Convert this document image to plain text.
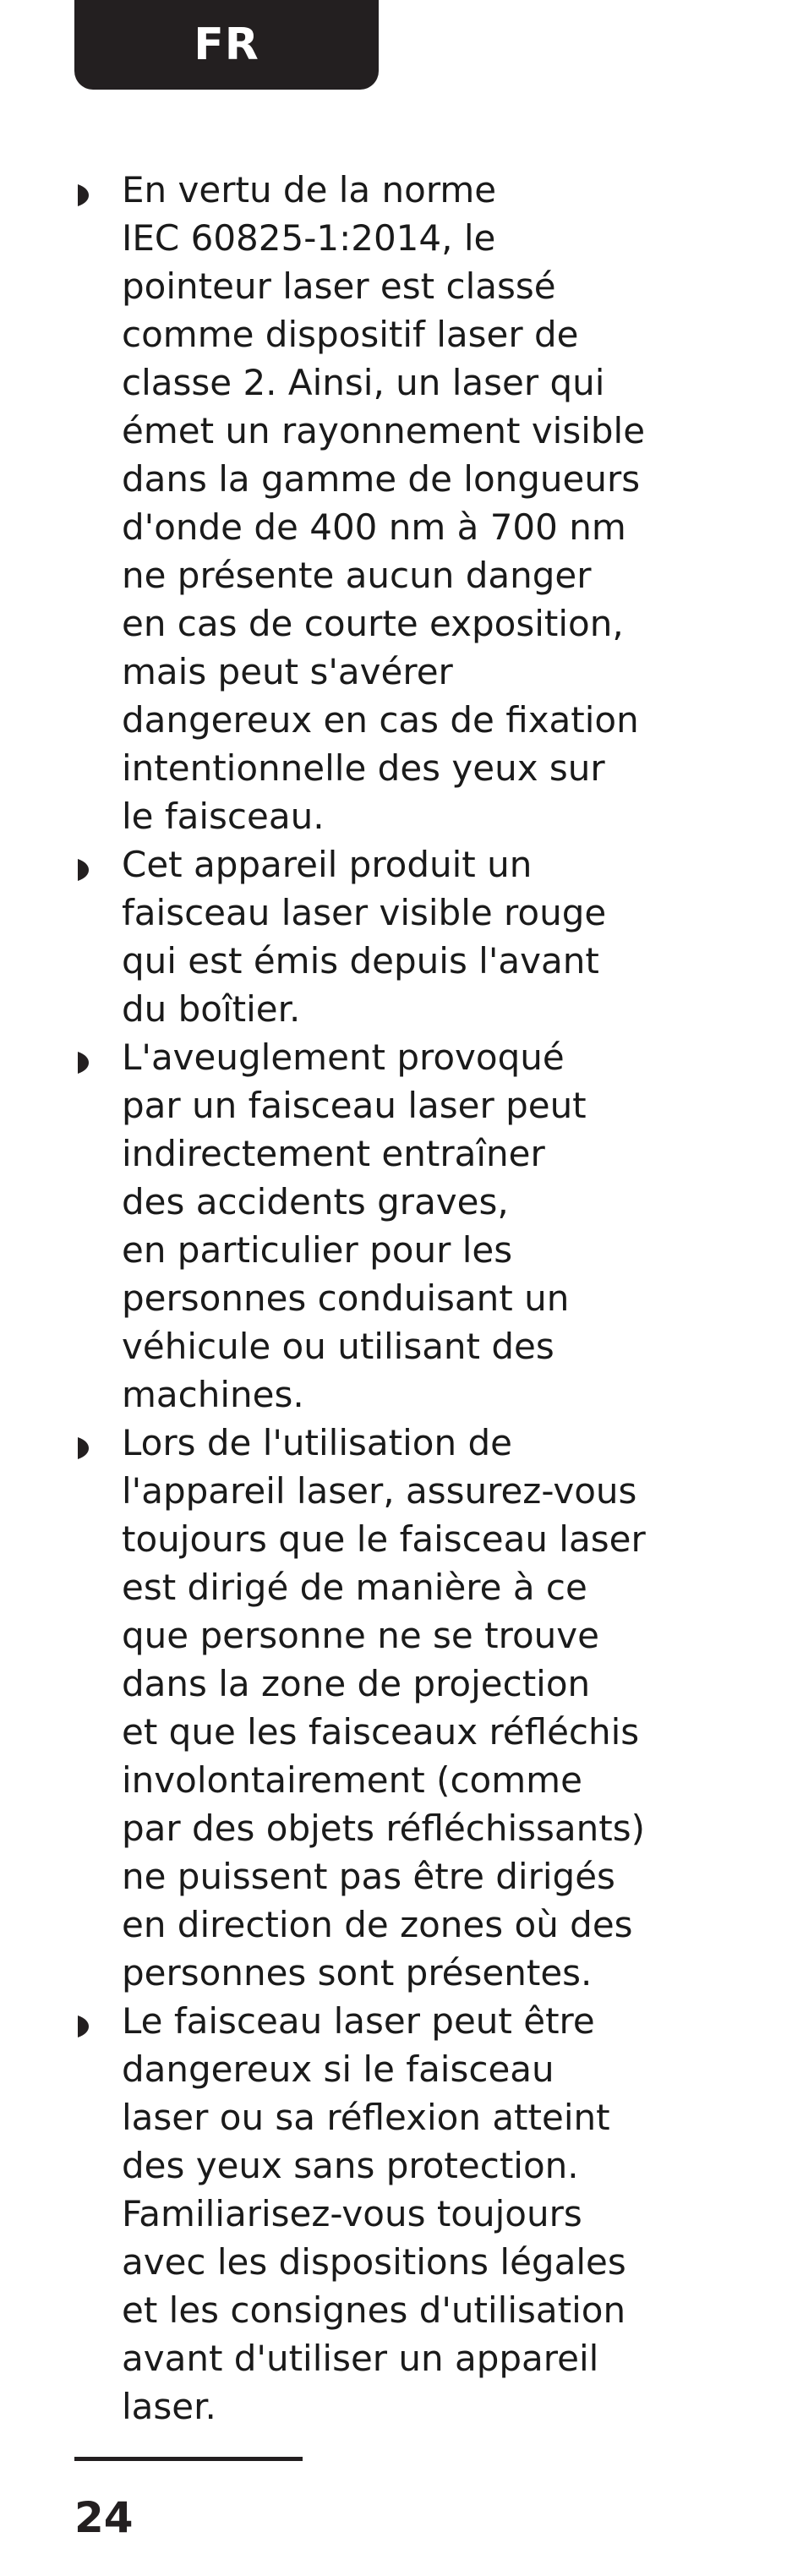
FR
En vertu de la norme
IEC 60825-1:2014, le
pointeur laser est classé
comme dispositif laser de
classe 2. Ainsi, un laser qui
émet un rayonnement visible
dans la gamme de longueurs
d'onde de 400 nm à 700 nm
ne présente aucun danger
en cas de courte exposition,
mais peut s'avérer
dangereux en cas de fixation
intentionnelle des yeux sur
le faisceau.
Cet appareil produit un
faisceau laser visible rouge
qui est émis depuis l'avant
du boîtier.
L'aveuglement provoqué
par un faisceau laser peut
indirectement entraîner
des accidents graves,
en particulier pour les
personnes conduisant un
véhicule ou utilisant des
machines.
Lors de l'utilisation de
l'appareil laser, assurez-vous
toujours que le faisceau laser
est dirigé de manière à ce
que personne ne se trouve
dans la zone de projection
et que les faisceaux réfléchis
involontairement (comme
par des objets réfléchissants)
ne puissent pas être dirigés
en direction de zones où des
personnes sont présentes.
Le faisceau laser peut être
dangereux si le faisceau
laser ou sa réflexion atteint
des yeux sans protection.
Familiarisez-vous toujours
avec les dispositions légales
et les consignes d'utilisation
avant d'utiliser un appareil
laser.
24
